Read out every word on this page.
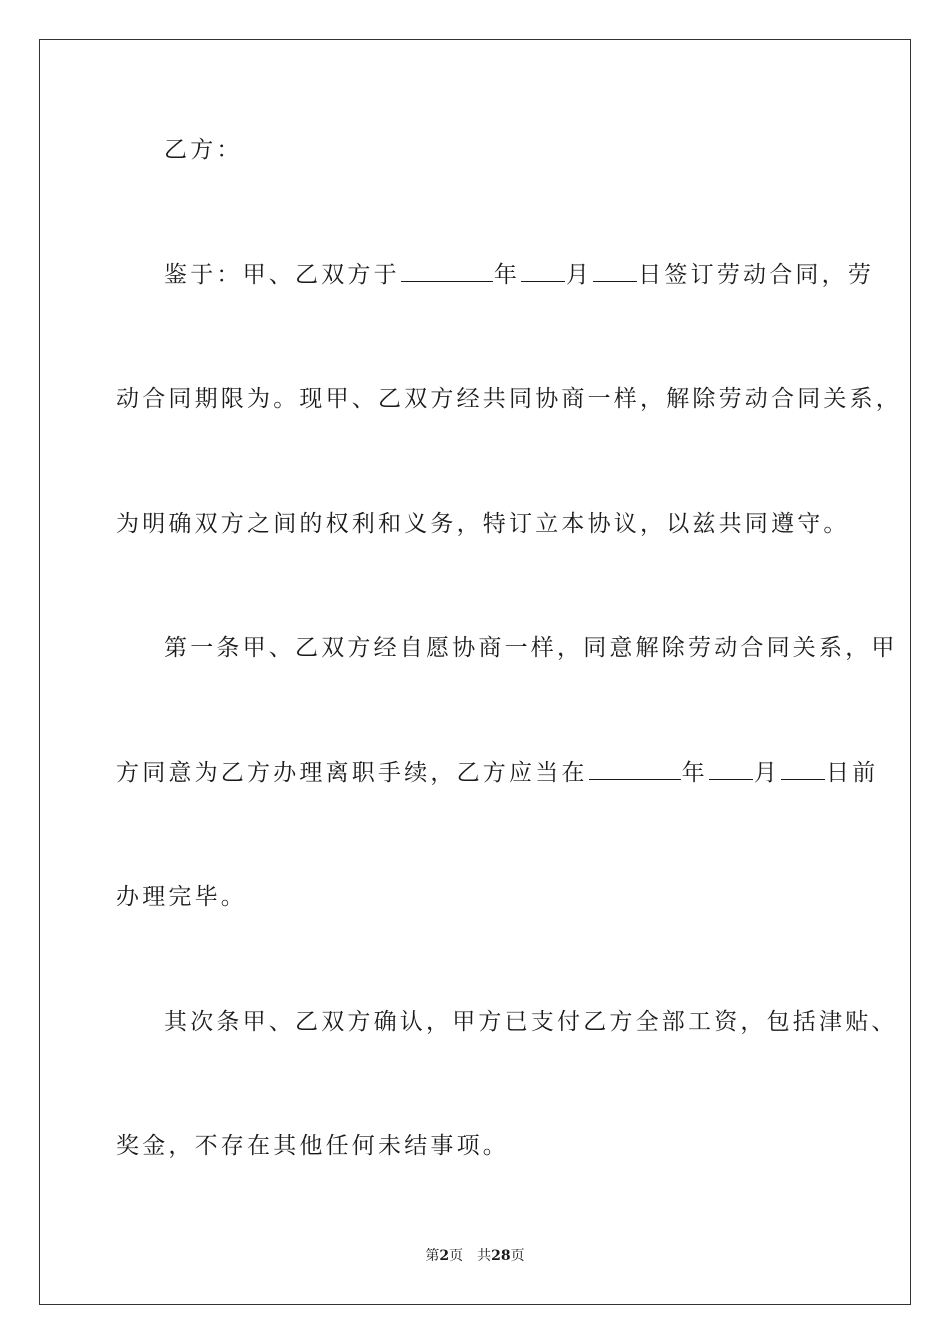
乙方：
鉴于：甲、乙双方于	年 月 日签订劳动合同，劳
动合同期限为。现甲、乙双方经共同协商一样，解除劳动合同关系，
为明确双方之间的权利和义务，特订立本协议，以兹共同遵守。
第一条甲、乙双方经自愿协商一样，同意解除劳动合同关系，甲
方同意为乙方办理离职手续，乙方应当在	年 月 日前
办理完毕。
其次条甲、乙双方确认，甲方已支付乙方全部工资，包括津贴、
奖金，不存在其他任何未结事项。
第2页 共28页
